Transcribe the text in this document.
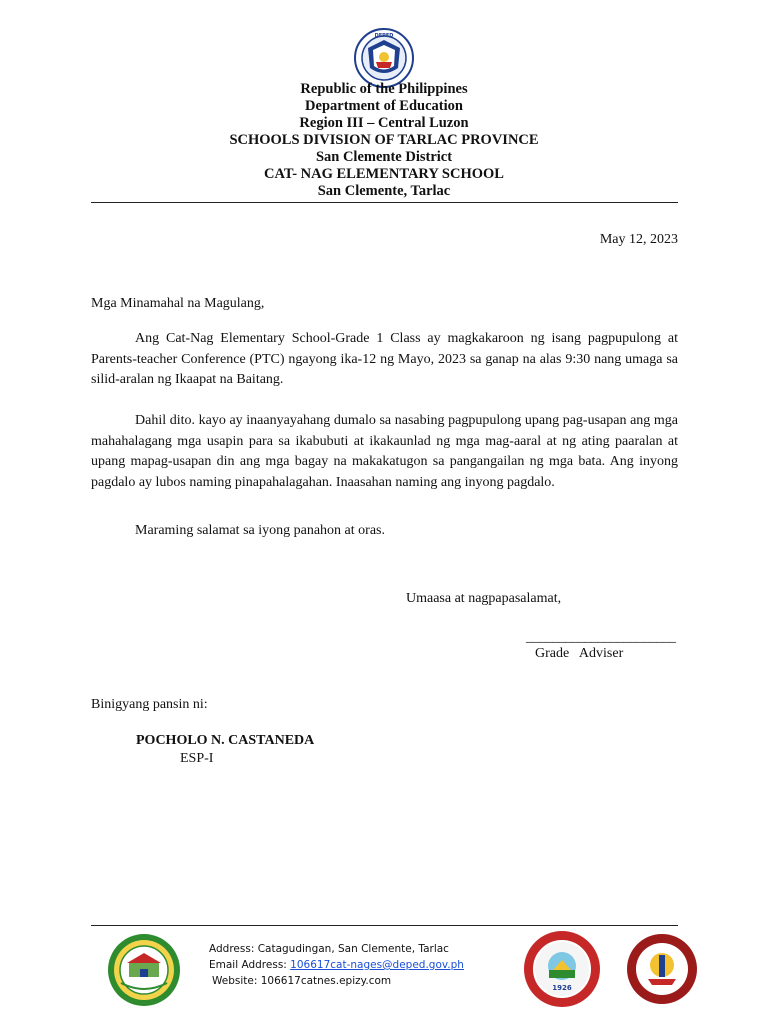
DEPED
Republic of the Philippines
Department of Education
Region III – Central Luzon
SCHOOLS DIVISION OF TARLAC PROVINCE
San Clemente District
CAT- NAG ELEMENTARY SCHOOL
San Clemente, Tarlac
May 12, 2023
Mga Minamahal na Magulang,
Ang Cat-Nag Elementary School-Grade 1 Class ay magkakaroon ng isang pagpupulong at Parents-teacher Conference (PTC) ngayong ika-12 ng Mayo, 2023 sa ganap na alas 9:30 nang umaga sa silid-aralan ng Ikaapat na Baitang.
Dahil dito. kayo ay inaanyayahang dumalo sa nasabing pagpupulong upang pag-usapan ang mga mahahalagang mga usapin para sa ikabubuti at ikakaunlad ng mga mag-aaral at ng ating paaralan at upang mapag-usapan din ang mga bagay na makakatugon sa pangangailan ng mga bata. Ang inyong pagdalo ay lubos naming pinapahalagahan. Inaasahan naming ang inyong pagdalo.
Maraming salamat sa iyong panahon at oras.
Umaasa at nagpapasalamat,
_______________________
Grade   Adviser
Binigyang pansin ni:
POCHOLO N. CASTANEDA
ESP-I
Address: Catagudingan, San Clemente, Tarlac
Email Address: 106617cat-nages@deped.gov.ph
Website: 106617catnes.epizy.com
1926
